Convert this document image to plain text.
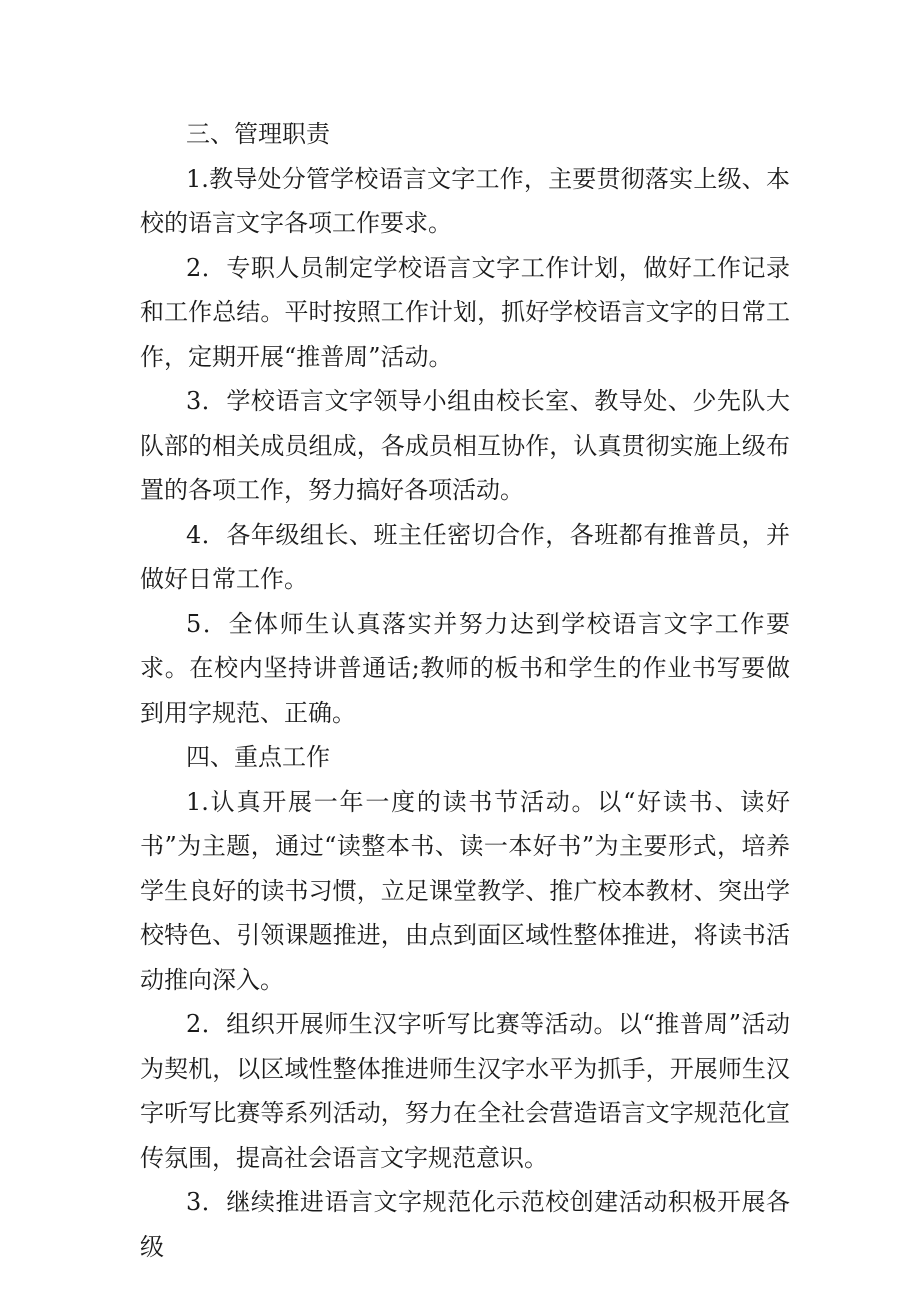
三、管理职责

1.教导处分管学校语言文字工作，主要贯彻落实上级、本校的语言文字各项工作要求。

2．专职人员制定学校语言文字工作计划，做好工作记录和工作总结。平时按照工作计划，抓好学校语言文字的日常工作，定期开展“推普周”活动。

3．学校语言文字领导小组由校长室、教导处、少先队大队部的相关成员组成，各成员相互协作，认真贯彻实施上级布置的各项工作，努力搞好各项活动。

4．各年级组长、班主任密切合作，各班都有推普员，并做好日常工作。

5．全体师生认真落实并努力达到学校语言文字工作要求。在校内坚持讲普通话;教师的板书和学生的作业书写要做到用字规范、正确。

四、重点工作

1.认真开展一年一度的读书节活动。以“好读书、读好书”为主题，通过“读整本书、读一本好书”为主要形式，培养学生良好的读书习惯，立足课堂教学、推广校本教材、突出学校特色、引领课题推进，由点到面区域性整体推进，将读书活动推向深入。

2．组织开展师生汉字听写比赛等活动。以“推普周”活动为契机，以区域性整体推进师生汉字水平为抓手，开展师生汉字听写比赛等系列活动，努力在全社会营造语言文字规范化宣传氛围，提高社会语言文字规范意识。

3．继续推进语言文字规范化示范校创建活动积极开展各级
